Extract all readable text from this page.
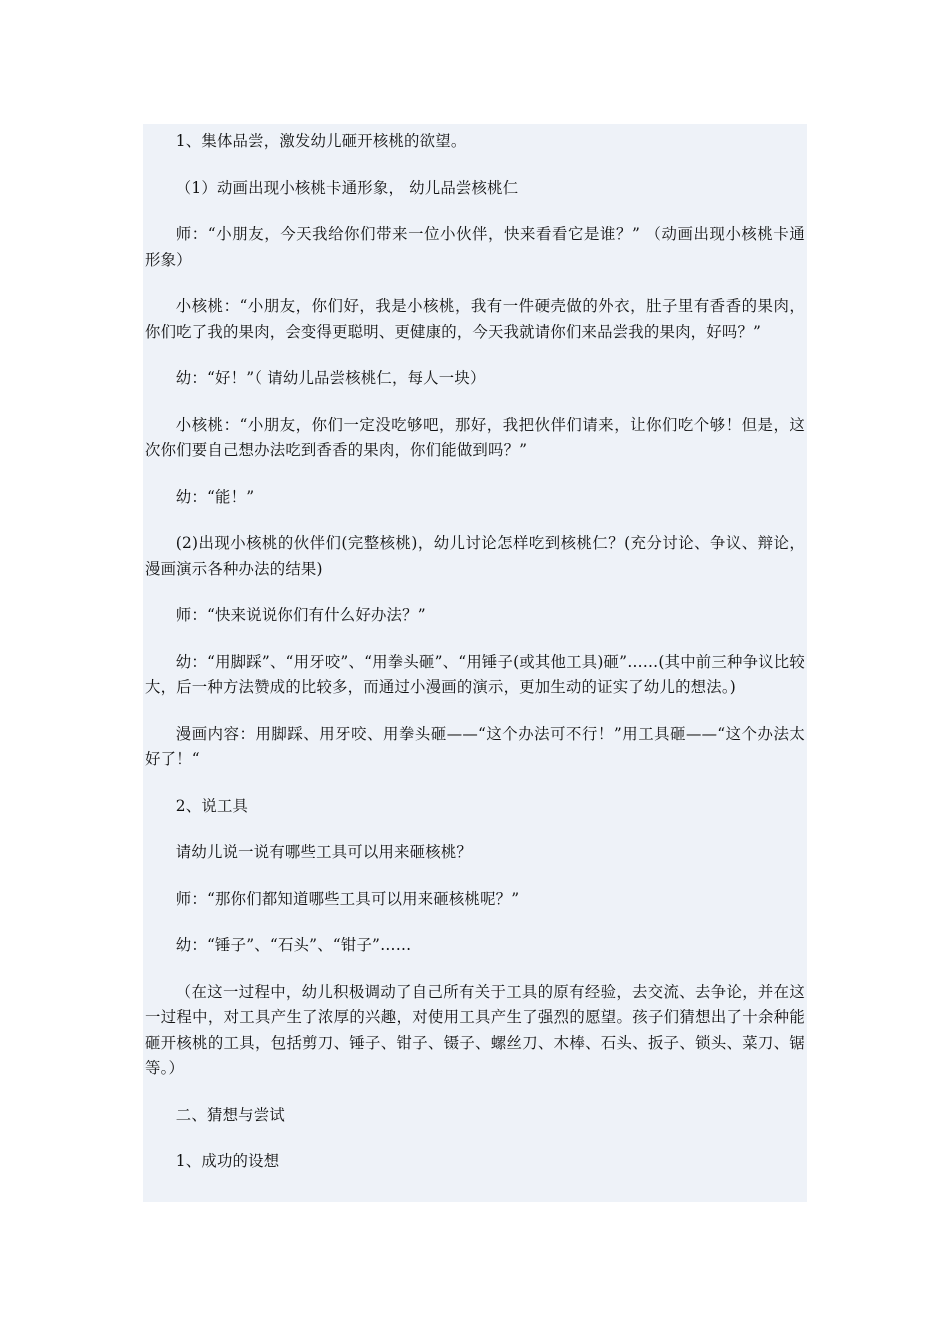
1、集体品尝，激发幼儿砸开核桃的欲望。

（1）动画出现小核桃卡通形象， 幼儿品尝核桃仁

师：“小朋友，今天我给你们带来一位小伙伴，快来看看它是谁？” （动画出现小核桃卡通形象）

小核桃：“小朋友，你们好，我是小核桃，我有一件硬壳做的外衣，肚子里有香香的果肉，你们吃了我的果肉，会变得更聪明、更健康的，今天我就请你们来品尝我的果肉，好吗？”

幼：“好！”（ 请幼儿品尝核桃仁，每人一块）

小核桃：“小朋友，你们一定没吃够吧，那好，我把伙伴们请来，让你们吃个够！但是，这次你们要自己想办法吃到香香的果肉，你们能做到吗？”

幼：“能！”

(2)出现小核桃的伙伴们(完整核桃)，幼儿讨论怎样吃到核桃仁？(充分讨论、争议、辩论，漫画演示各种办法的结果)

师：“快来说说你们有什么好办法？”

幼：“用脚踩”、“用牙咬”、“用拳头砸”、“用锤子(或其他工具)砸”……(其中前三种争议比较大，后一种方法赞成的比较多，而通过小漫画的演示，更加生动的证实了幼儿的想法。)

漫画内容：用脚踩、用牙咬、用拳头砸——“这个办法可不行！”用工具砸——“这个办法太好了！“

2、说工具

请幼儿说一说有哪些工具可以用来砸核桃？

师：“那你们都知道哪些工具可以用来砸核桃呢？”

幼：“锤子”、“石头”、“钳子”……

（在这一过程中，幼儿积极调动了自己所有关于工具的原有经验，去交流、去争论，并在这一过程中，对工具产生了浓厚的兴趣，对使用工具产生了强烈的愿望。孩子们猜想出了十余种能砸开核桃的工具，包括剪刀、锤子、钳子、镊子、螺丝刀、木棒、石头、扳子、锁头、菜刀、锯等。）

二、猜想与尝试

1、成功的设想
